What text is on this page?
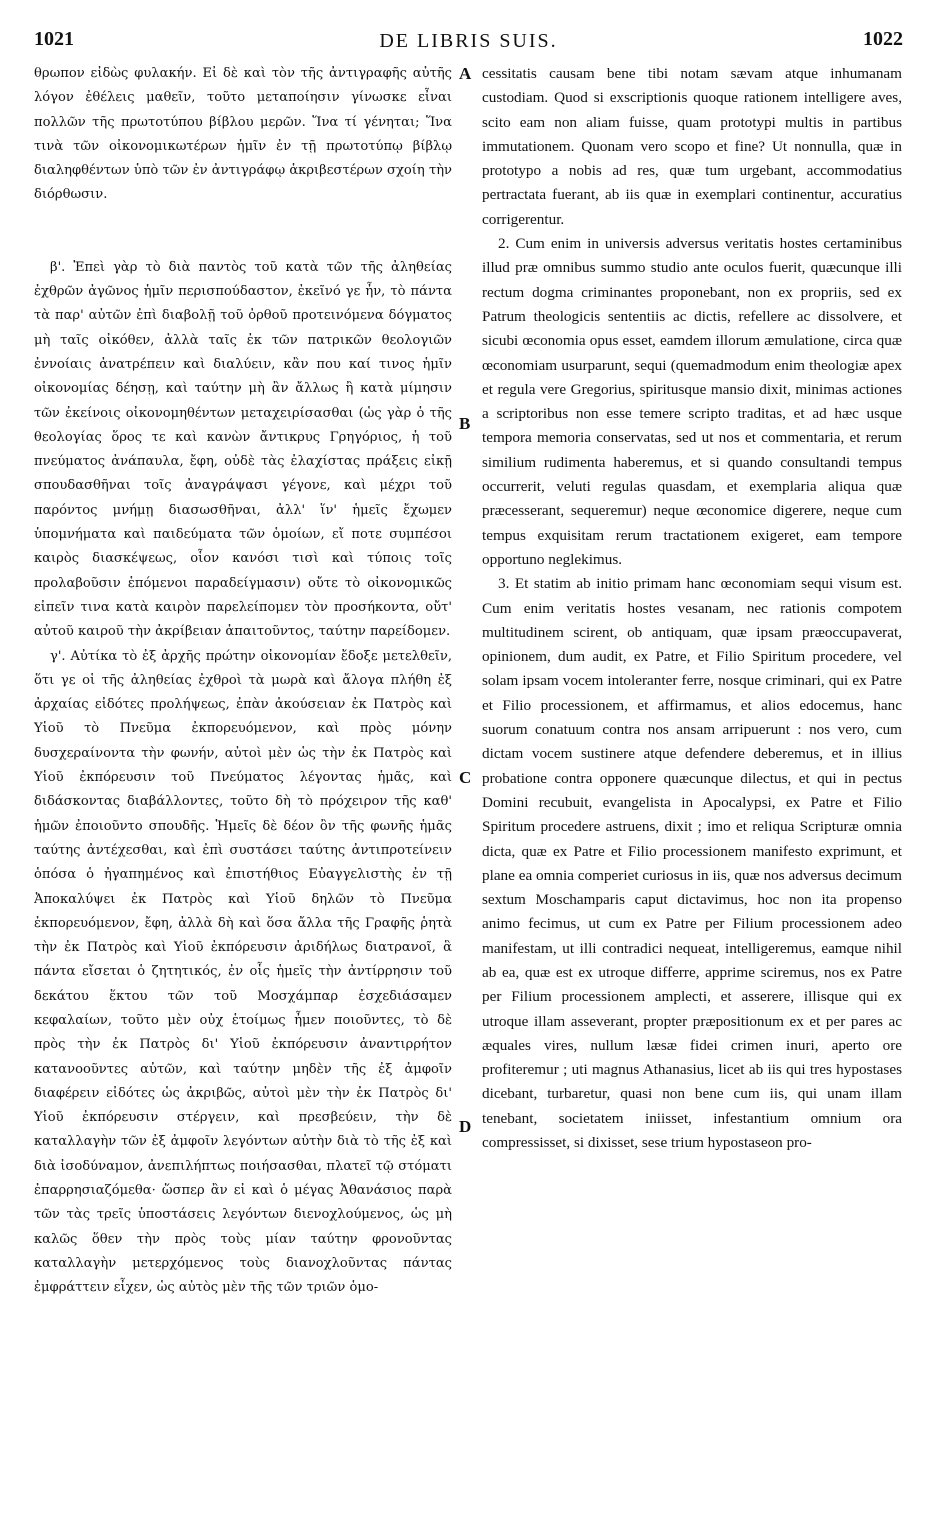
1021	DE LIBRIS SUIS.	1022

θρωπον εἰδὼς φυλακήν. Εἰ δὲ καὶ τὸν τῆς ἀντιγραφῆς αὐτῆς λόγον ἐθέλεις μαθεῖν, τοῦτο μεταποίησιν γίνωσκε εἶναι πολλῶν τῆς πρωτοτύπου βίβλου μερῶν. Ἵνα τί γένηται; Ἵνα τινὰ τῶν οἰκονομικωτέρων ἡμῖν ἐν τῇ πρωτοτύπῳ βίβλῳ διαληφθέντων ὑπὸ τῶν ἐν ἀντιγράφῳ ἀκριβεστέρων σχοίη τὴν διόρθωσιν.

β'. Ἐπεὶ γὰρ τὸ διὰ παντὸς τοῦ κατὰ τῶν τῆς ἀληθείας ἐχθρῶν ἀγῶνος ἡμῖν περισπούδαστον, ἐκεῖνό γε ἦν, τὸ πάντα τὰ παρ' αὐτῶν ἐπὶ διαβολῇ τοῦ ὀρθοῦ προτεινόμενα δόγματος μὴ ταῖς οἰκόθεν, ἀλλὰ ταῖς ἐκ τῶν πατρικῶν θεολογιῶν ἐννοίαις ἀνατρέπειν καὶ διαλύειν, κἂν που καί τινος ἡμῖν οἰκονομίας δέησῃ, καὶ ταύτην μὴ ἂν ἄλλως ἢ κατὰ μίμησιν τῶν ἐκείνοις οἰκονομηθέντων μεταχειρίσασθαι (ὡς γὰρ ὁ τῆς θεολογίας ὅρος τε καὶ κανὼν ἄντικρυς Γρηγόριος, ἡ τοῦ πνεύματος ἀνάπαυλα, ἔφη, οὐδὲ τὰς ἐλαχίστας πράξεις εἰκῇ σπουδασθῆναι τοῖς ἀναγράψασι γέγονε, καὶ μέχρι τοῦ παρόντος μνήμῃ διασωσθῆναι, ἀλλ' ἵν' ἡμεῖς ἔχωμεν ὑπομνήματα καὶ παιδεύματα τῶν ὁμοίων, εἴ ποτε συμπέσοι καιρὸς διασκέψεως, οἷον κανόσι τισὶ καὶ τύποις τοῖς προλαβοῦσιν ἑπόμενοι παραδείγμασιν) οὔτε τὸ οἰκονομικῶς εἰπεῖν τινα κατὰ καιρὸν παρελείπομεν τὸν προσήκοντα, οὔτ' αὐτοῦ καιροῦ τὴν ἀκρίβειαν ἀπαιτοῦντος, ταύτην παρείδομεν.

γ'. Αὐτίκα τὸ ἐξ ἀρχῆς πρώτην οἰκονομίαν ἔδοξε μετελθεῖν, ὅτι γε οἱ τῆς ἀληθείας ἐχθροὶ τὰ μωρὰ καὶ ἄλογα πλήθη ἐξ ἀρχαίας εἰδότες προλήψεως, ἐπὰν ἀκούσειαν ἐκ Πατρὸς καὶ Υἱοῦ τὸ Πνεῦμα ἐκπορευόμενον, καὶ πρὸς μόνην δυσχεραίνοντα τὴν φωνήν, αὐτοὶ μὲν ὡς τὴν ἐκ Πατρὸς καὶ Υἱοῦ ἐκπόρευσιν τοῦ Πνεύματος λέγοντας ἡμᾶς, καὶ διδάσκοντας διαβάλλοντες, τοῦτο δὴ τὸ πρόχειρον τῆς καθ' ἡμῶν ἐποιοῦντο σπουδῆς. Ἡμεῖς δὲ δέον ὂν τῆς φωνῆς ἡμᾶς ταύτης ἀντέχεσθαι, καὶ ἐπὶ συστάσει ταύτης ἀντιπροτείνειν ὁπόσα ὁ ἠγαπημένος καὶ ἐπιστήθιος Εὐαγγελιστὴς ἐν τῇ Ἀποκαλύψει ἐκ Πατρὸς καὶ Υἱοῦ δηλῶν τὸ Πνεῦμα ἐκπορευόμενον, ἔφη, ἀλλὰ δὴ καὶ ὅσα ἄλλα τῆς Γραφῆς ῥητὰ τὴν ἐκ Πατρὸς καὶ Υἱοῦ ἐκπόρευσιν ἀριδήλως διατρανοῖ, ἃ πάντα εἴσεται ὁ ζητητικός, ἐν οἷς ἡμεῖς τὴν ἀντίρρησιν τοῦ δεκάτου ἕκτου τῶν τοῦ Μοσχάμπαρ ἐσχεδιάσαμεν κεφαλαίων, τοῦτο μὲν οὐχ ἑτοίμως ἦμεν ποιοῦντες, τὸ δὲ πρὸς τὴν ἐκ Πατρὸς δι' Υἱοῦ ἐκπόρευσιν ἀναντιρρήτον κατανοοῦντες αὐτῶν, καὶ ταύτην μηδὲν τῆς ἐξ ἀμφοῖν διαφέρειν εἰδότες ὡς ἀκριβῶς, αὐτοὶ μὲν τὴν ἐκ Πατρὸς δι' Υἱοῦ ἐκπόρευσιν στέργειν, καὶ πρεσβεύειν, τὴν δὲ καταλλαγὴν τῶν ἐξ ἀμφοῖν λεγόντων αὐτὴν διὰ τὸ τῆς ἐξ καὶ διὰ ἰσοδύναμον, ἀνεπιλήπτως ποιήσασθαι, πλατεῖ τῷ στόματι ἐπαρρησιαζόμεθα· ὥσπερ ἂν εἰ καὶ ὁ μέγας Ἀθανάσιος παρὰ τῶν τὰς τρεῖς ὑποστάσεις λεγόντων διενοχλούμενος, ὡς μὴ καλῶς ὅθεν τὴν πρὸς τοὺς μίαν ταύτην φρονοῦντας καταλλαγὴν μετερχόμενος τοὺς διανοχλοῦντας πάντας ἐμφράττειν εἶχεν, ὡς αὐτὸς μὲν τῆς τῶν τριῶν ὁμο-

cessitatis causam bene tibi notam sævam atque inhumanam custodiam. Quod si exscriptionis quoque rationem intelligere aves, scito eam non aliam fuisse, quam prototypi multis in partibus immutationem. Quonam vero scopo et fine? Ut nonnulla, quæ in prototypo a nobis ad res, quæ tum urgebant, accommodatius pertractata fuerant, ab iis quæ in exemplari continentur, accuratius corrigerentur.

2. Cum enim in universis adversus veritatis hostes certaminibus illud præ omnibus summo studio ante oculos fuerit, quæcunque illi rectum dogma criminantes proponebant, non ex propriis, sed ex Patrum theologicis sententiis ac dictis, refellere ac dissolvere, et sicubi œconomia opus esset, eamdem illorum æmulatione, circa quæ œconomiam usurparunt, sequi (quemadmodum enim theologiæ apex et regula vere Gregorius, spiritusque mansio dixit, minimas actiones a scriptoribus non esse temere scripto traditas, et ad hæc usque tempora memoria conservatas, sed ut nos et commentaria, et rerum similium rudimenta haberemus, et si quando consultandi tempus occurrerit, veluti regulas quasdam, et exemplaria aliqua quæ præcesserant, sequeremur) neque œconomice digerere, neque cum tempus exquisitam rerum tractationem exigeret, eam tempore opportuno neglekimus.

3. Et statim ab initio primam hanc œconomiam sequi visum est. Cum enim veritatis hostes vesanam, nec rationis compotem multitudinem scirent, ob antiquam, quæ ipsam præoccupaverat, opinionem, dum audit, ex Patre, et Filio Spiritum procedere, vel solam ipsam vocem intoleranter ferre, nosque criminari, qui ex Patre et Filio processionem, et affirmamus, et alios edocemus, hanc suorum conatuum contra nos ansam arripuerunt : nos vero, cum dictam vocem sustinere atque defendere deberemus, et in illius probatione contra opponere quæcunque dilectus, et qui in pectus Domini recubuit, evangelista in Apocalypsi, ex Patre et Filio Spiritum procedere astruens, dixit ; imo et reliqua Scripturæ omnia dicta, quæ ex Patre et Filio processionem manifesto exprimunt, et plane ea omnia comperiet curiosus in iis, quæ nos adversus decimum sextum Moschamparis caput dictavimus, hoc non ita propenso animo fecimus, ut cum ex Patre per Filium processionem adeo manifestam, ut illi contradici nequeat, intelligeremus, eamque nihil ab ea, quæ est ex utroque differre, apprime sciremus, nos ex Patre per Filium processionem amplecti, et asserere, illisque qui ex utroque illam asseverant, propter præpositionum ex et per pares ac æquales vires, nullum læsæ fidei crimen inuri, aperto ore profiteremur ; uti magnus Athanasius, licet ab iis qui tres hypostases dicebant, turbaretur, quasi non bene cum iis, qui unam illam tenebant, societatem iniisset, infestantium omnium ora compressisset, si dixisset, sese trium hypostaseon pro-

A
B
C
D
